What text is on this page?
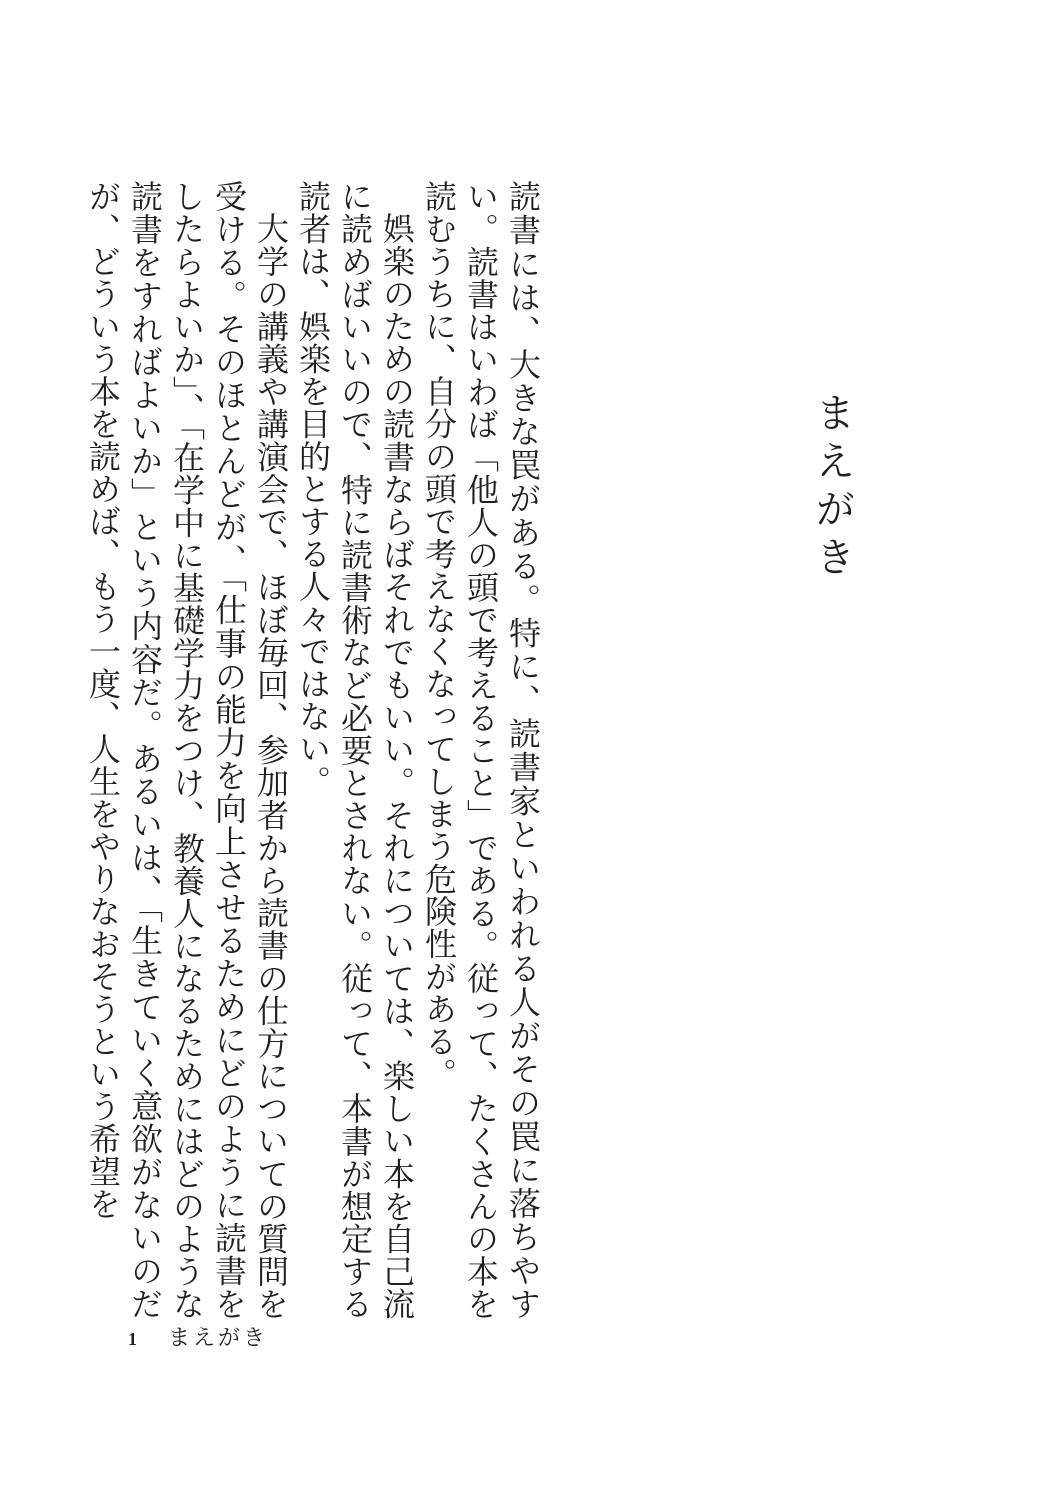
まえがき

読書には、大きな罠がある。特に、読書家といわれる人がその罠に落ちやすい。読書はいわば「他人の頭で考えること」である。従って、たくさんの本を読むうちに、自分の頭で考えなくなってしまう危険性がある。

娯楽のための読書ならばそれでもいい。それについては、楽しい本を自己流に読めばいいので、特に読書術など必要とされない。従って、本書が想定する読者は、娯楽を目的とする人々ではない。

大学の講義や講演会で、ほぼ毎回、参加者から読書の仕方についての質問を受ける。そのほとんどが、「仕事の能力を向上させるためにどのように読書をしたらよいか」、「在学中に基礎学力をつけ、教養人になるためにはどのような読書をすればよいか」という内容だ。あるいは、「生きていく意欲がないのだが、どういう本を読めば、もう一度、人生をやりなおそうという希望を

1 まえがき
